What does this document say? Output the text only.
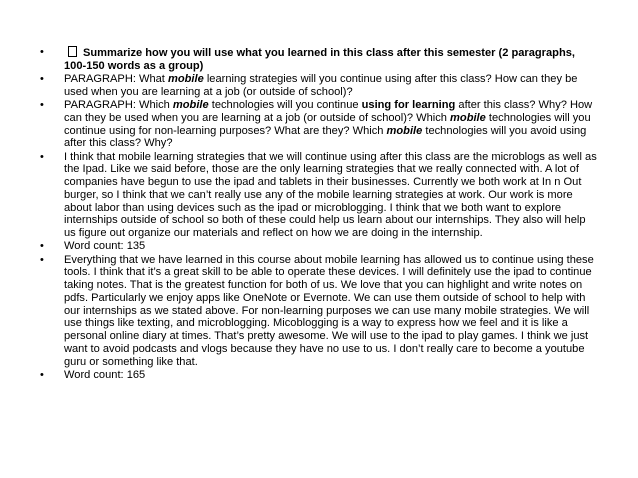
•	Summarize how you will use what you learned in this class after this semester (2 paragraphs, 100-150 words as a group)
• PARAGRAPH: What mobile learning strategies will you continue using after this class? How can they be used when you are learning at a job (or outside of school)?
• PARAGRAPH: Which mobile technologies will you continue using for learning after this class? Why? How can they be used when you are learning at a job (or outside of school)? Which mobile technologies will you continue using for non-learning purposes? What are they? Which mobile technologies will you avoid using after this class? Why?
• I think that mobile learning strategies that we will continue using after this class are the microblogs as well as the Ipad. Like we said before, those are the only learning strategies that we really connected with. A lot of companies have begun to use the ipad and tablets in their businesses. Currently we both work at In n Out burger, so I think that we can’t really use any of the mobile learning strategies at work. Our work is more about labor than using devices such as the ipad or microblogging. I think that we both want to explore internships outside of school so both of these could help us learn about our internships. They also will help us figure out organize our materials and reflect on how we are doing in the internship.
• Word count: 135
• Everything that we have learned in this course about mobile learning has allowed us to continue using these tools. I think that it’s a great skill to be able to operate these devices. I will definitely use the ipad to continue taking notes. That is the greatest function for both of us. We love that you can highlight and write notes on pdfs. Particularly we enjoy apps like OneNote or Evernote. We can use them outside of school to help with our internships as we stated above. For non-learning purposes we can use many mobile strategies. We will use things like texting, and microblogging. Micoblogging is a way to express how we feel and it is like a personal online diary at times. That’s pretty awesome. We will use to the ipad to play games. I think we just want to avoid podcasts and vlogs because they have no use to us. I don’t really care to become a youtube guru or something like that.
• Word count: 165
